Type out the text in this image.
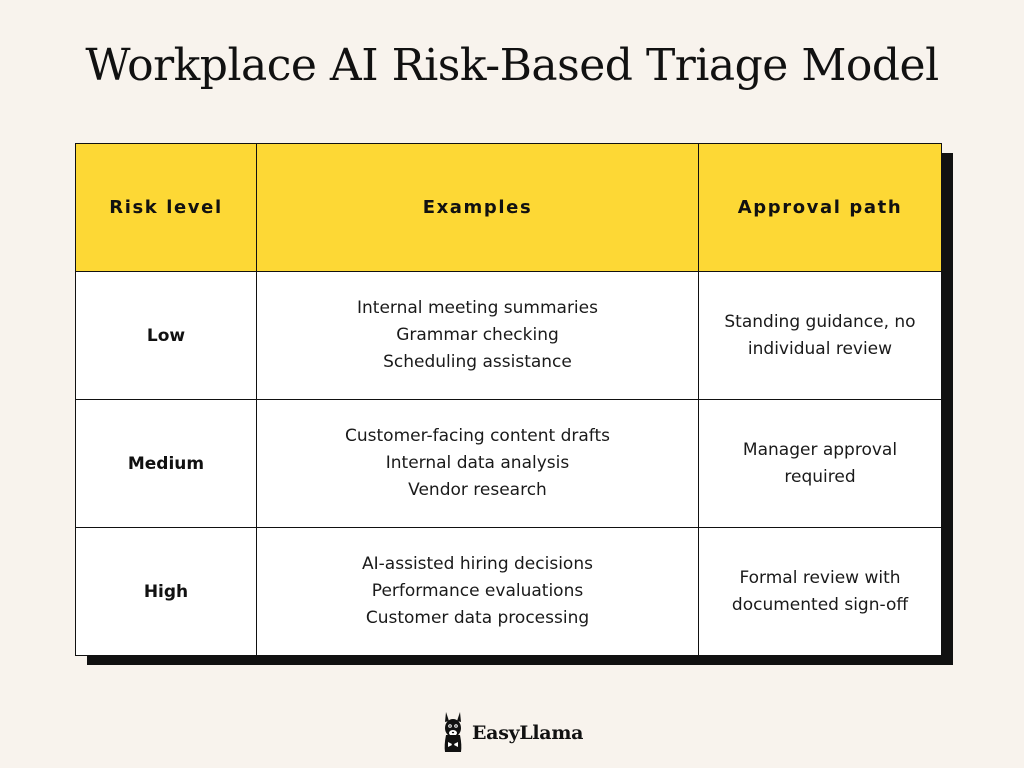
Workplace AI Risk-Based Triage Model
Risk level	Examples	Approval path
Low	Internal meeting summaries
Grammar checking
Scheduling assistance	Standing guidance, no individual review
Medium	Customer-facing content drafts
Internal data analysis
Vendor research	Manager approval required
High	AI-assisted hiring decisions
Performance evaluations
Customer data processing	Formal review with documented sign-off
EasyLlama
